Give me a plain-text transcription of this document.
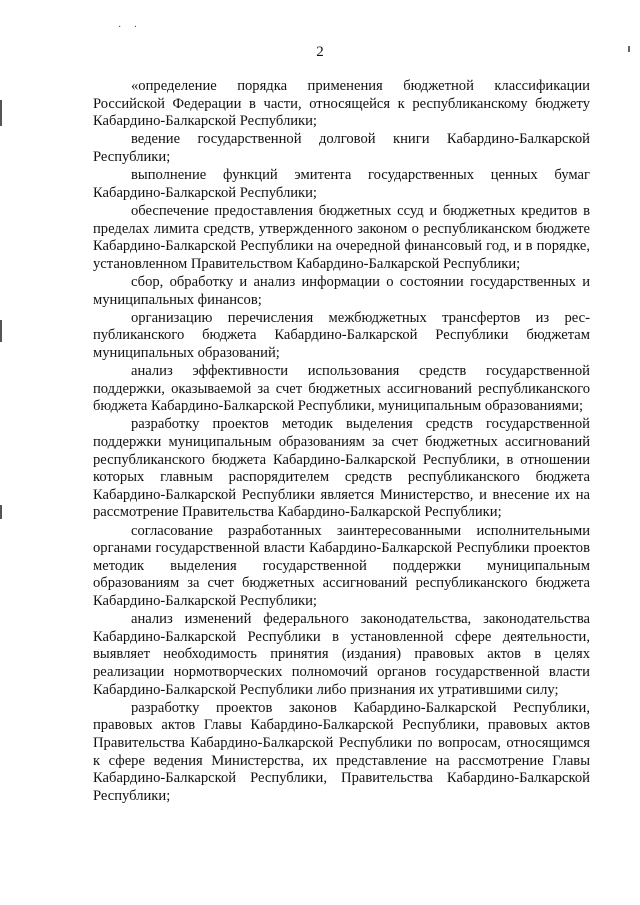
· ·
2

«определение порядка применения бюджетной классификации Российской Федерации в части, относящейся к республиканскому бюджету Кабардино-Балкарской Республики;

ведение государственной долговой книги Кабардино-Балкарской Республики;

выполнение функций эмитента государственных ценных бумаг Кабардино-Балкарской Республики;

обеспечение предоставления бюджетных ссуд и бюджетных кредитов в пределах лимита средств, утвержденного законом о республиканском бюджете Кабардино-Балкарской Республики на очередной финансовый год, и в порядке, установленном Правительством Кабардино-Балкарской Республики;

сбор, обработку и анализ информации о состоянии государственных и муниципальных финансов;

организацию перечисления межбюджетных трансфертов из республиканского бюджета Кабардино-Балкарской Республики бюджетам муниципальных образований;

анализ эффективности использования средств государственной поддержки, оказываемой за счет бюджетных ассигнований республиканского бюджета Кабардино-Балкарской Республики, муниципальным образованиями;

разработку проектов методик выделения средств государственной поддержки муниципальным образованиям за счет бюджетных ассигнований республиканского бюджета Кабардино-Балкарской Республики, в отношении которых главным распорядителем средств республиканского бюджета Кабардино-Балкарской Республики является Министерство, и внесение их на рассмотрение Правительства Кабардино-Балкарской Республики;

согласование разработанных заинтересованными исполнительными органами государственной власти Кабардино-Балкарской Республики проектов методик выделения государственной поддержки муниципальным образованиям за счет бюджетных ассигнований республиканского бюджета Кабардино-Балкарской Республики;

анализ изменений федерального законодательства, законодательства Кабардино-Балкарской Республики в установленной сфере деятельности, выявляет необходимость принятия (издания) правовых актов в целях реализации нормотворческих полномочий органов государственной власти Кабардино-Балкарской Республики либо признания их утратившими силу;

разработку проектов законов Кабардино-Балкарской Республики, правовых актов Главы Кабардино-Балкарской Республики, правовых актов Правительства Кабардино-Балкарской Республики по вопросам, относящимся к сфере ведения Министерства, их представление на рассмотрение Главы Кабардино-Балкарской Республики, Правительства Кабардино-Балкарской Республики;
